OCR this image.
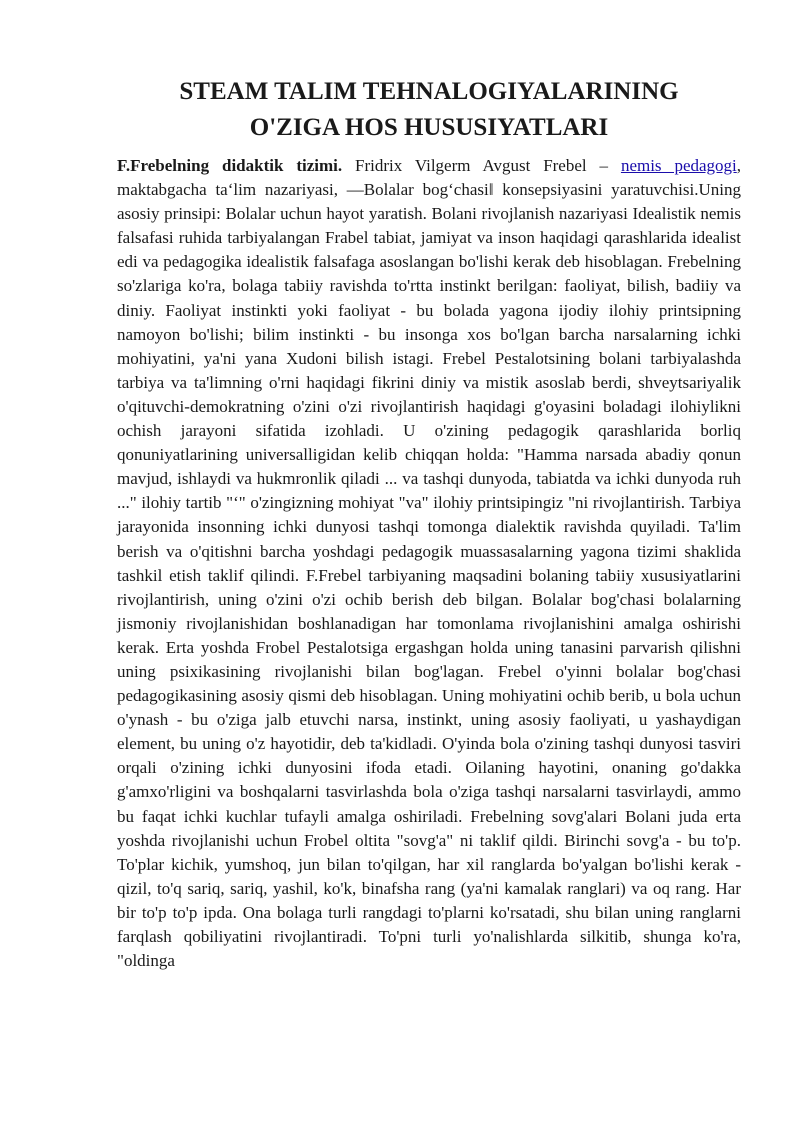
STEAM TALIM TEHNALOGIYALARINING
O'ZIGA HOS HUSUSIYATLARI

F.Frebelning didaktik tizimi. Fridrix Vilgerm Avgust Frebel – nemis pedagogi, maktabgacha ta‘lim nazariyasi, ―Bolalar bog‘chasi‖ konsepsiyasini yaratuvchisi.Uning asosiy prinsipi: Bolalar uchun hayot yaratish. Bolani rivojlanish nazariyasi Idealistik nemis falsafasi ruhida tarbiyalangan Frabel tabiat, jamiyat va inson haqidagi qarashlarida idealist edi va pedagogika idealistik falsafaga asoslangan bo'lishi kerak deb hisoblagan. Frebelning so'zlariga ko'ra, bolaga tabiiy ravishda to'rtta instinkt berilgan: faoliyat, bilish, badiiy va diniy. Faoliyat instinkti yoki faoliyat - bu bolada yagona ijodiy ilohiy printsipning namoyon bo'lishi; bilim instinkti - bu insonga xos bo'lgan barcha narsalarning ichki mohiyatini, ya'ni yana Xudoni bilish istagi. Frebel Pestalotsining bolani tarbiyalashda tarbiya va ta'limning o'rni haqidagi fikrini diniy va mistik asoslab berdi, shveytsariyalik o'qituvchi-demokratning o'zini o'zi rivojlantirish haqidagi g'oyasini boladagi ilohiylikni ochish jarayoni sifatida izohladi. U o'zining pedagogik qarashlarida borliq qonuniyatlarining universalligidan kelib chiqqan holda: "Hamma narsada abadiy qonun mavjud, ishlaydi va hukmronlik qiladi ... va tashqi dunyoda, tabiatda va ichki dunyoda ruh ..." ilohiy tartib "‘" o'zingizning mohiyat "va" ilohiy printsipingiz "ni rivojlantirish. Tarbiya jarayonida insonning ichki dunyosi tashqi tomonga dialektik ravishda quyiladi. Ta'lim berish va o'qitishni barcha yoshdagi pedagogik muassasalarning yagona tizimi shaklida tashkil etish taklif qilindi. F.Frebel tarbiyaning maqsadini bolaning tabiiy xususiyatlarini rivojlantirish, uning o'zini o'zi ochib berish deb bilgan. Bolalar bog'chasi bolalarning jismoniy rivojlanishidan boshlanadigan har tomonlama rivojlanishini amalga oshirishi kerak. Erta yoshda Frobel Pestalotsiga ergashgan holda uning tanasini parvarish qilishni uning psixikasining rivojlanishi bilan bog'lagan. Frebel o'yinni bolalar bog'chasi pedagogikasining asosiy qismi deb hisoblagan. Uning mohiyatini ochib berib, u bola uchun o'ynash - bu o'ziga jalb etuvchi narsa, instinkt, uning asosiy faoliyati, u yashaydigan element, bu uning o'z hayotidir, deb ta'kidladi. O'yinda bola o'zining tashqi dunyosi tasviri orqali o'zining ichki dunyosini ifoda etadi. Oilaning hayotini, onaning go'dakka g'amxo'rligini va boshqalarni tasvirlashda bola o'ziga tashqi narsalarni tasvirlaydi, ammo bu faqat ichki kuchlar tufayli amalga oshiriladi. Frebelning sovg'alari Bolani juda erta yoshda rivojlanishi uchun Frobel oltita "sovg'a" ni taklif qildi. Birinchi sovg'a - bu to'p. To'plar kichik, yumshoq, jun bilan to'qilgan, har xil ranglarda bo'yalgan bo'lishi kerak - qizil, to'q sariq, sariq, yashil, ko'k, binafsha rang (ya'ni kamalak ranglari) va oq rang. Har bir to'p to'p ipda. Ona bolaga turli rangdagi to'plarni ko'rsatadi, shu bilan uning ranglarni farqlash qobiliyatini rivojlantiradi. To'pni turli yo'nalishlarda silkitib, shunga ko'ra, "oldinga
